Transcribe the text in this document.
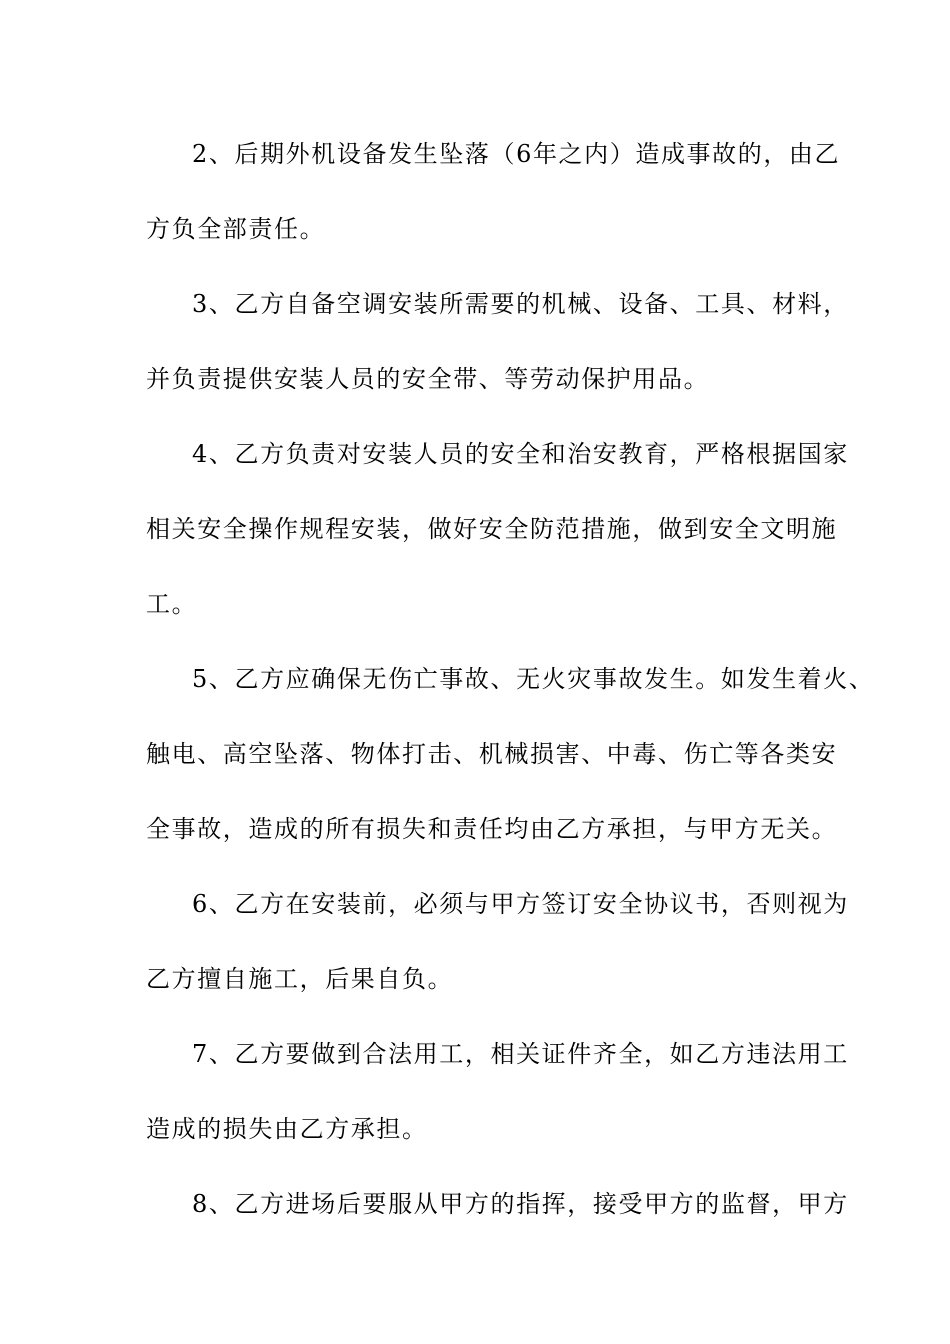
2、后期外机设备发生坠落（6年之内）造成事故的，由乙
方负全部责任。
3、乙方自备空调安装所需要的机械、设备、工具、材料，
并负责提供安装人员的安全带、等劳动保护用品。
4、乙方负责对安装人员的安全和治安教育，严格根据国家
相关安全操作规程安装，做好安全防范措施，做到安全文明施
工。
5、乙方应确保无伤亡事故、无火灾事故发生。如发生着火、
触电、高空坠落、物体打击、机械损害、中毒、伤亡等各类安
全事故，造成的所有损失和责任均由乙方承担，与甲方无关。
6、乙方在安装前，必须与甲方签订安全协议书，否则视为
乙方擅自施工，后果自负。
7、乙方要做到合法用工，相关证件齐全，如乙方违法用工
造成的损失由乙方承担。
8、乙方进场后要服从甲方的指挥，接受甲方的监督，甲方
